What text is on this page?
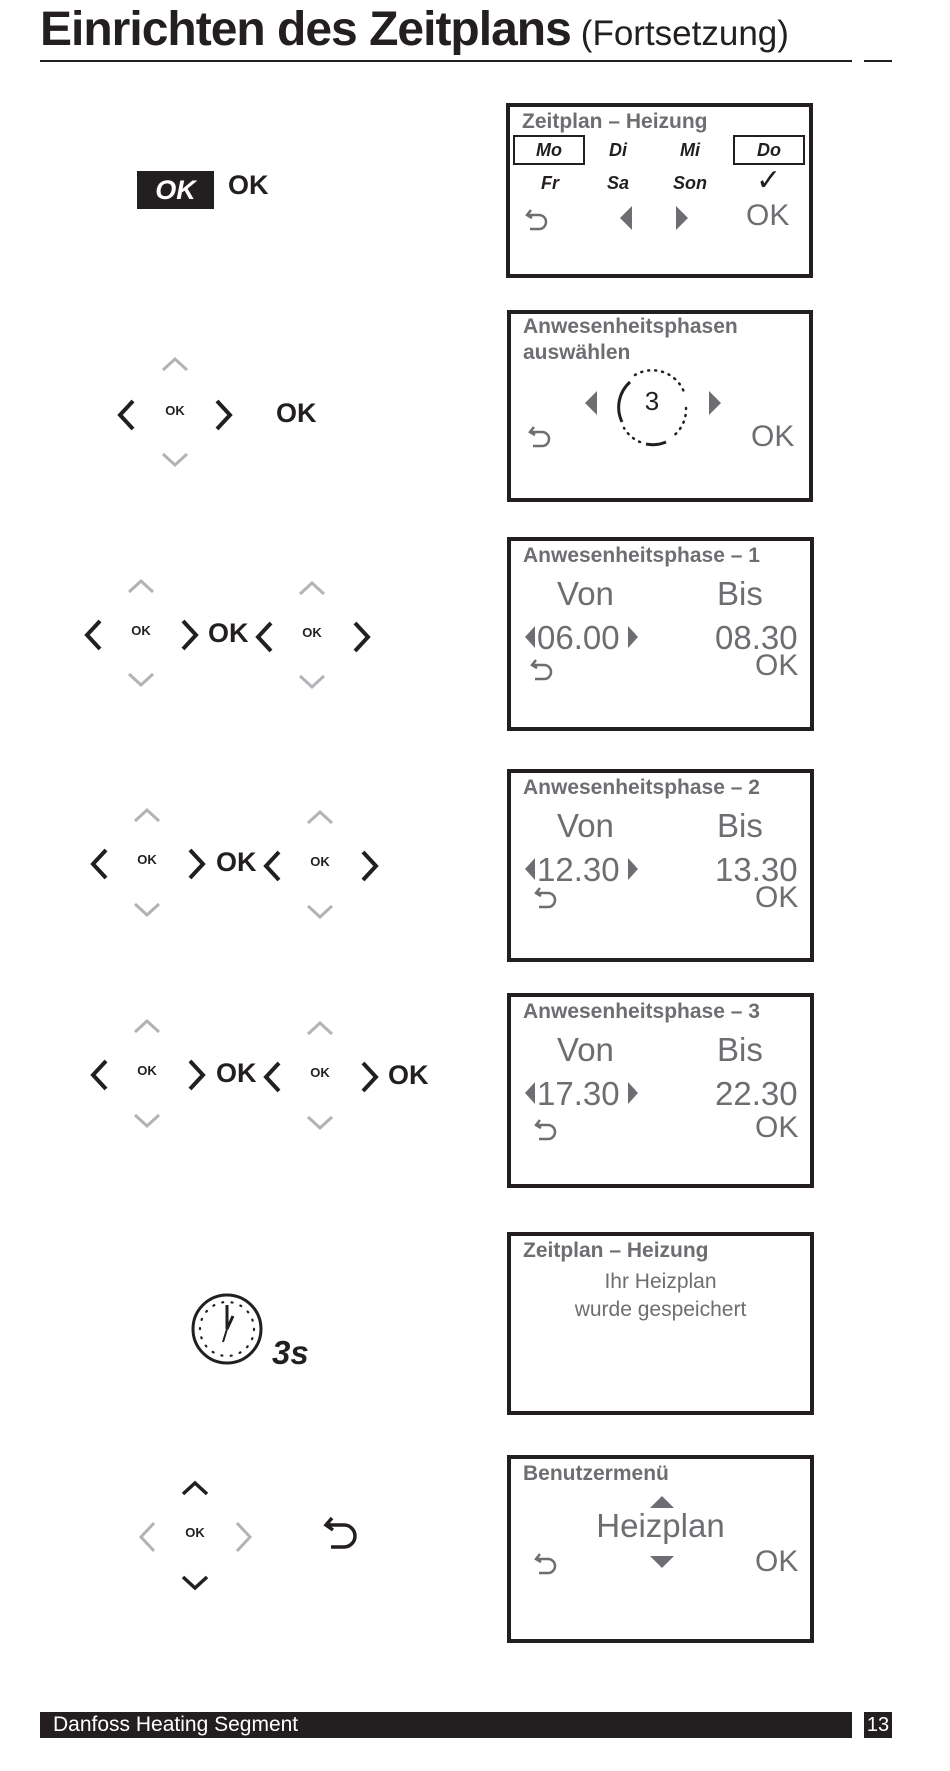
Einrichten des Zeitplans (Fortsetzung)
OK	OK
Zeitplan – Heizung
Mo	Di	Mi	Do
Fr	Sa	Son ✓
OK
OK	OK
Anwesenheitsphasen
auswählen
3
OK
OK OK	OK
Anwesenheitsphase – 1
Von	Bis
06.00	08.30
OK
OK OK	OK
Anwesenheitsphase – 2
Von	Bis
12.30	13.30
OK
OK OK	OK OK
Anwesenheitsphase – 3
Von	Bis
17.30	22.30
OK
3s
Zeitplan – Heizung
Ihr Heizplan
wurde gespeichert
OK
Benutzermenü
Heizplan
OK
Danfoss Heating Segment	13
